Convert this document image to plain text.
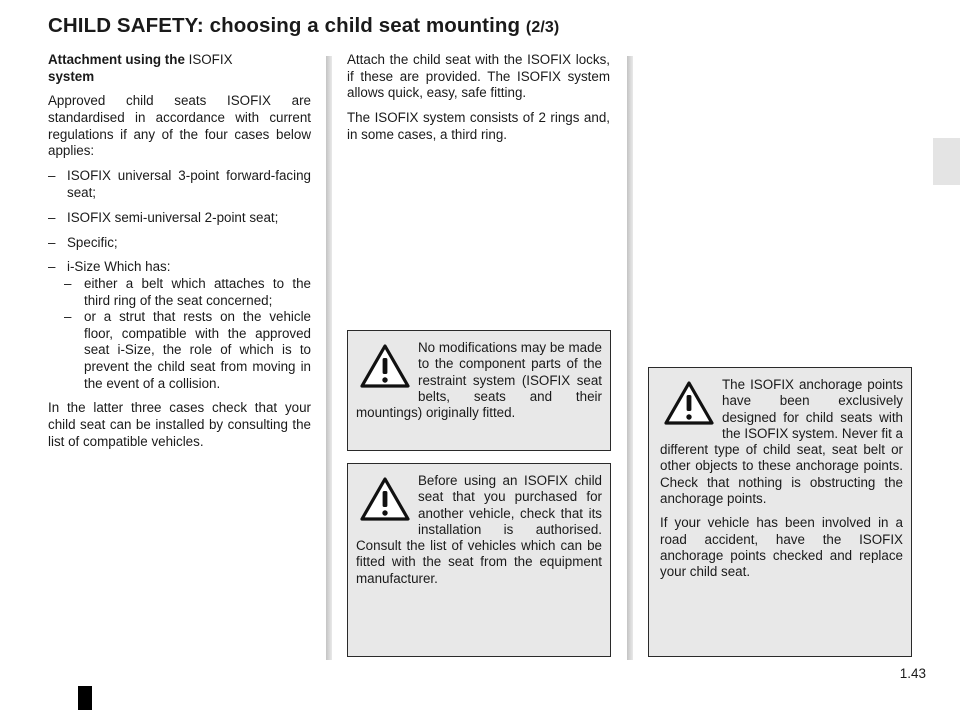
CHILD SAFETY: choosing a child seat mounting (2/3)

Attachment using the ISOFIX
system

Approved child seats ISOFIX are standardised in accordance with current regulations if any of the four cases below applies:

– ISOFIX universal 3-point forward-facing seat;
– ISOFIX semi-universal 2-point seat;
– Specific;
– i-Size Which has:
– either a belt which attaches to the third ring of the seat concerned;
– or a strut that rests on the vehicle floor, compatible with the approved seat i-Size, the role of which is to prevent the child seat from moving in the event of a collision.

In the latter three cases check that your child seat can be installed by consulting the list of compatible vehicles.

Attach the child seat with the ISOFIX locks, if these are provided. The ISOFIX system allows quick, easy, safe fitting.

The ISOFIX system consists of 2 rings and, in some cases, a third ring.

No modifications may be made to the component parts of the restraint system (ISOFIX seat belts, seats and their mountings) originally fitted.

Before using an ISOFIX child seat that you purchased for another vehicle, check that its installation is authorised. Consult the list of vehicles which can be fitted with the seat from the equipment manufacturer.

The ISOFIX anchorage points have been exclusively designed for child seats with the ISOFIX system. Never fit a different type of child seat, seat belt or other objects to these anchorage points. Check that nothing is obstructing the anchorage points.

If your vehicle has been involved in a road accident, have the ISOFIX anchorage points checked and replace your child seat.

1.43
